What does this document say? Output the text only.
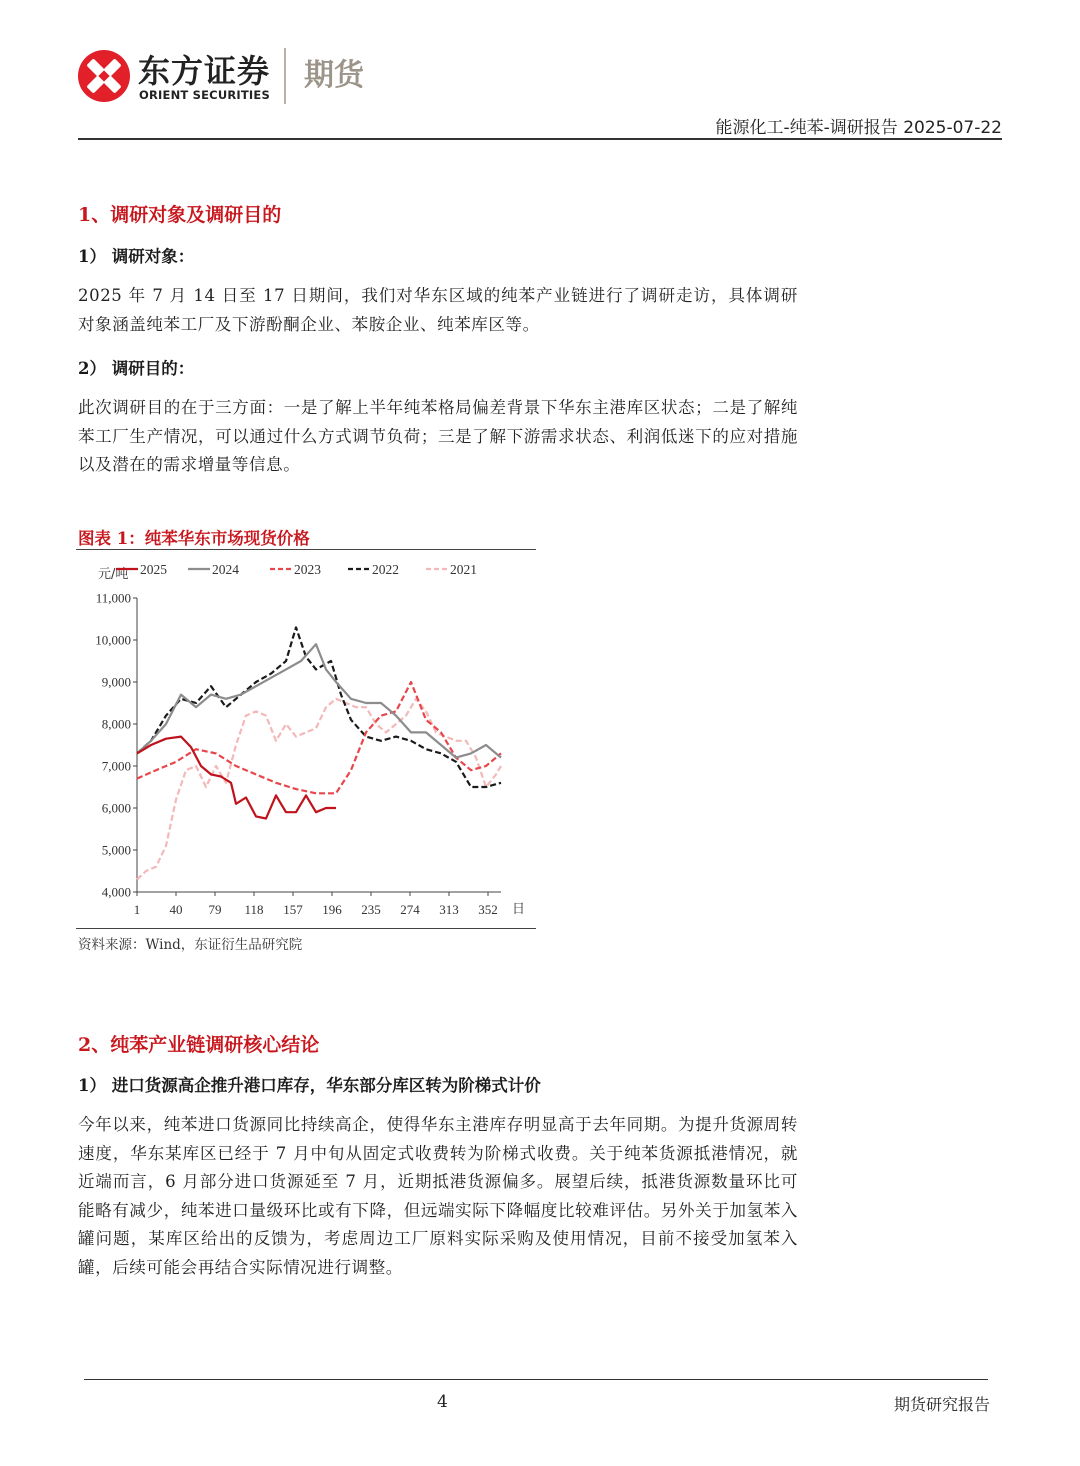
东方证券
ORIENT SECURITIES
期货
能源化工-纯苯-调研报告 2025-07-22
1、调研对象及调研目的
1） 调研对象：
2025 年 7 月 14 日至 17 日期间，我们对华东区域的纯苯产业链进行了调研走访，具体调研对象涵盖纯苯工厂及下游酚酮企业、苯胺企业、纯苯库区等。
2） 调研目的：
此次调研目的在于三方面：一是了解上半年纯苯格局偏差背景下华东主港库区状态；二是了解纯苯工厂生产情况，可以通过什么方式调节负荷；三是了解下游需求状态、利润低迷下的应对措施以及潜在的需求增量等信息。
图表 1：纯苯华东市场现货价格
4,000
5,000
6,000
7,000
8,000
9,000
10,000
11,000
1 40 79 118 157 196 235 274 313 352
元/吨
日
2025	2024	2023	2022	2021
资料来源：Wind，东证衍生品研究院
2、纯苯产业链调研核心结论
1） 进口货源高企推升港口库存，华东部分库区转为阶梯式计价
今年以来，纯苯进口货源同比持续高企，使得华东主港库存明显高于去年同期。为提升货源周转速度，华东某库区已经于 7 月中旬从固定式收费转为阶梯式收费。关于纯苯货源抵港情况，就近端而言，6 月部分进口货源延至 7 月，近期抵港货源偏多。展望后续，抵港货源数量环比可能略有减少，纯苯进口量级环比或有下降，但远端实际下降幅度比较难评估。另外关于加氢苯入罐问题，某库区给出的反馈为，考虑周边工厂原料实际采购及使用情况，目前不接受加氢苯入罐，后续可能会再结合实际情况进行调整。
4	期货研究报告
